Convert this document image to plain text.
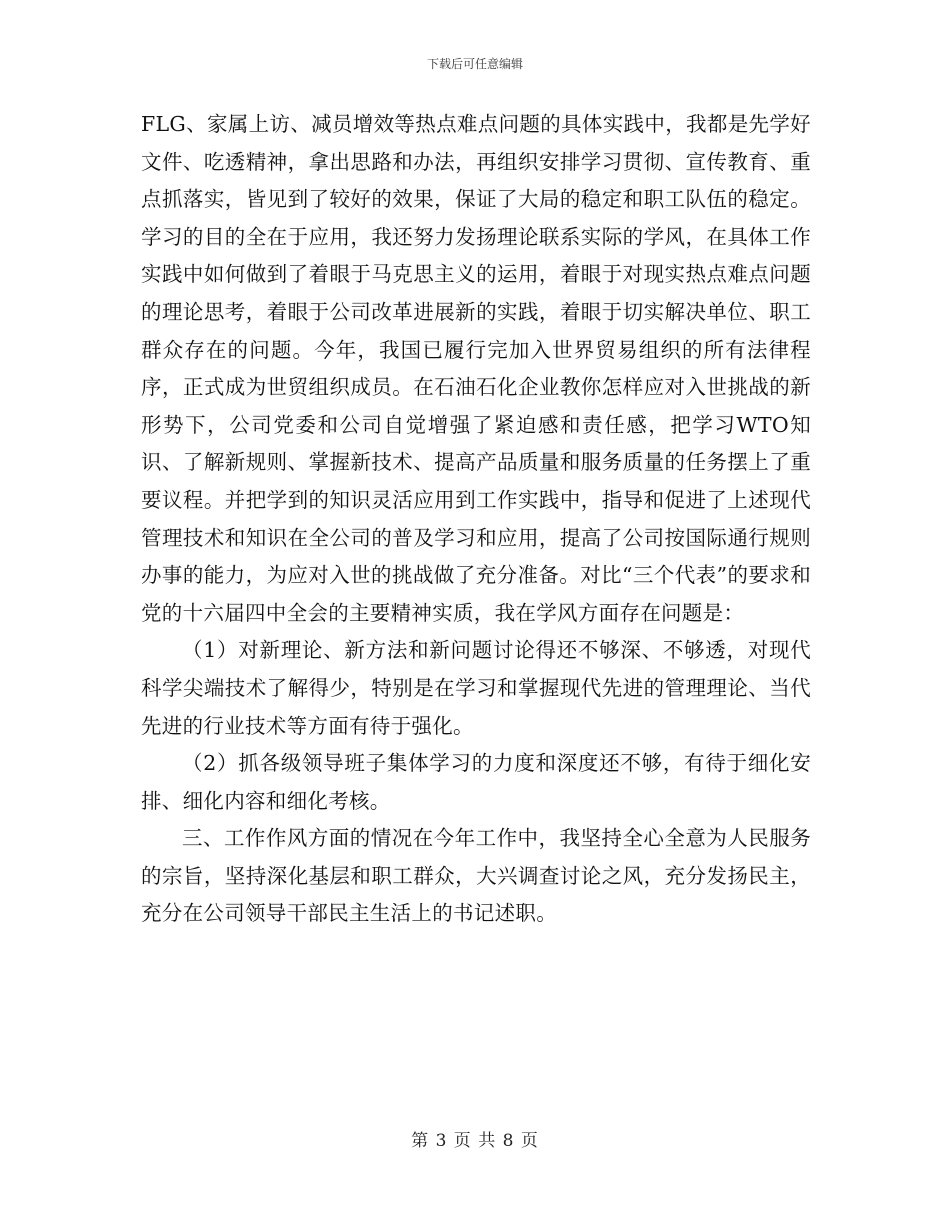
下载后可任意编辑

FLG、家属上访、减员增效等热点难点问题的具体实践中，我都是先学好文件、吃透精神，拿出思路和办法，再组织安排学习贯彻、宣传教育、重点抓落实，皆见到了较好的效果，保证了大局的稳定和职工队伍的稳定。学习的目的全在于应用，我还努力发扬理论联系实际的学风，在具体工作实践中如何做到了着眼于马克思主义的运用，着眼于对现实热点难点问题的理论思考，着眼于公司改革进展新的实践，着眼于切实解决单位、职工群众存在的问题。今年，我国已履行完加入世界贸易组织的所有法律程序，正式成为世贸组织成员。在石油石化企业教你怎样应对入世挑战的新形势下，公司党委和公司自觉增强了紧迫感和责任感，把学习WTO知识、了解新规则、掌握新技术、提高产品质量和服务质量的任务摆上了重要议程。并把学到的知识灵活应用到工作实践中，指导和促进了上述现代管理技术和知识在全公司的普及学习和应用，提高了公司按国际通行规则办事的能力，为应对入世的挑战做了充分准备。对比“三个代表”的要求和党的十六届四中全会的主要精神实质，我在学风方面存在问题是：

（1）对新理论、新方法和新问题讨论得还不够深、不够透，对现代科学尖端技术了解得少，特别是在学习和掌握现代先进的管理理论、当代先进的行业技术等方面有待于强化。

（2）抓各级领导班子集体学习的力度和深度还不够，有待于细化安排、细化内容和细化考核。

三、工作作风方面的情况在今年工作中，我坚持全心全意为人民服务的宗旨，坚持深化基层和职工群众，大兴调查讨论之风，充分发扬民主，充分在公司领导干部民主生活上的书记述职。

第 3 页 共 8 页
